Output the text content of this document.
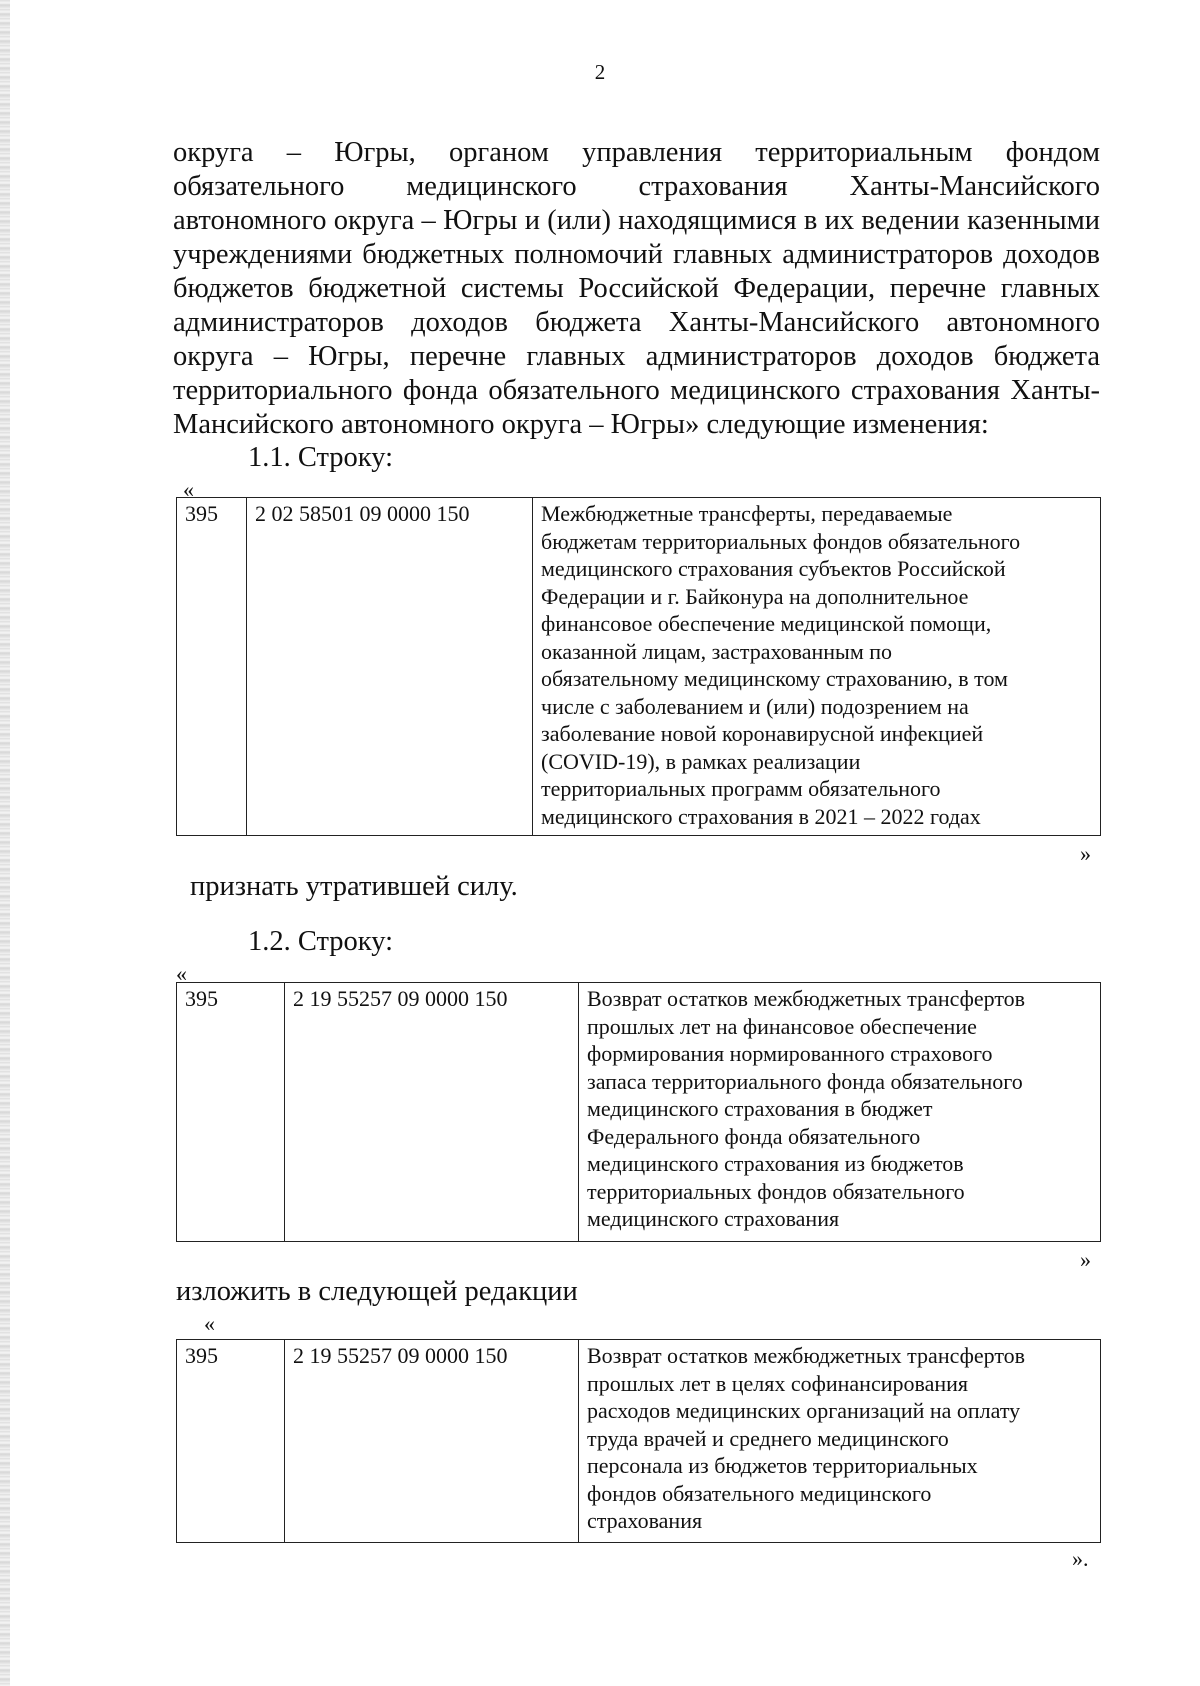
2
округа – Югры, органом управления территориальным фондом
обязательного медицинского страхования Ханты-Мансийского
автономного округа – Югры и (или) находящимися в их ведении казенными
учреждениями бюджетных полномочий главных администраторов доходов
бюджетов бюджетной системы Российской Федерации, перечне главных
администраторов доходов бюджета Ханты-Мансийского автономного
округа – Югры, перечне главных администраторов доходов бюджета
территориального фонда обязательного медицинского страхования Ханты-
Мансийского автономного округа – Югры» следующие изменения:
1.1. Строку:
«
395	2 02 58501 09 0000 150	Межбюджетные трансферты, передаваемые
бюджетам территориальных фондов обязательного
медицинского страхования субъектов Российской
Федерации и г. Байконура на дополнительное
финансовое обеспечение медицинской помощи,
оказанной лицам, застрахованным по
обязательному медицинскому страхованию, в том
числе с заболеванием и (или) подозрением на
заболевание новой коронавирусной инфекцией
(COVID-19), в рамках реализации
территориальных программ обязательного
медицинского страхования в 2021 – 2022 годах
»
признать утратившей силу.
1.2. Строку:
«
395	2 19 55257 09 0000 150	Возврат остатков межбюджетных трансфертов
прошлых лет на финансовое обеспечение
формирования нормированного страхового
запаса территориального фонда обязательного
медицинского страхования в бюджет
Федерального фонда обязательного
медицинского страхования из бюджетов
территориальных фондов обязательного
медицинского страхования
»
изложить в следующей редакции
«
395	2 19 55257 09 0000 150	Возврат остатков межбюджетных трансфертов
прошлых лет в целях софинансирования
расходов медицинских организаций на оплату
труда врачей и среднего медицинского
персонала из бюджетов территориальных
фондов обязательного медицинского
страхования
».
